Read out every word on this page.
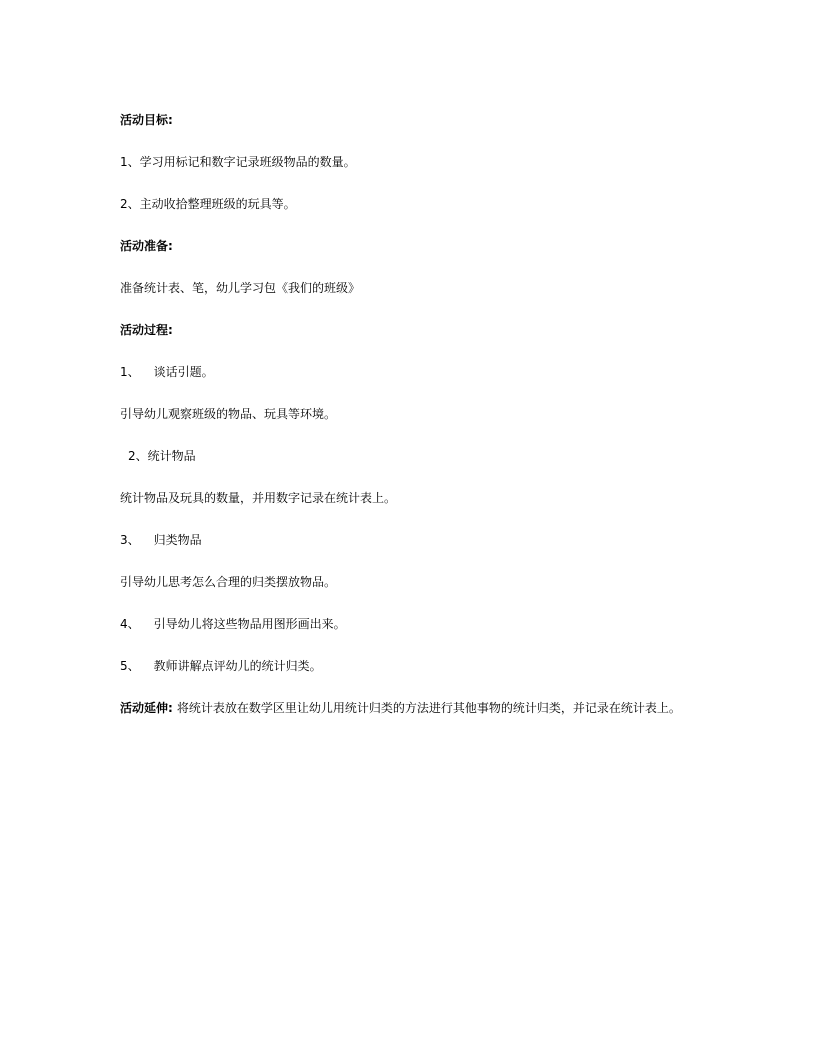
活动目标:
1、学习用标记和数字记录班级物品的数量。
2、主动收拾整理班级的玩具等。
活动准备:
准备统计表、笔，幼儿学习包《我们的班级》
活动过程:
1、 谈话引题。
引导幼儿观察班级的物品、玩具等环境。
2、统计物品
统计物品及玩具的数量，并用数字记录在统计表上。
3、 归类物品
引导幼儿思考怎么合理的归类摆放物品。
4、 引导幼儿将这些物品用图形画出来。
5、 教师讲解点评幼儿的统计归类。
活动延伸: 将统计表放在数学区里让幼儿用统计归类的方法进行其他事物的统计归类，并记录在统计表上。
